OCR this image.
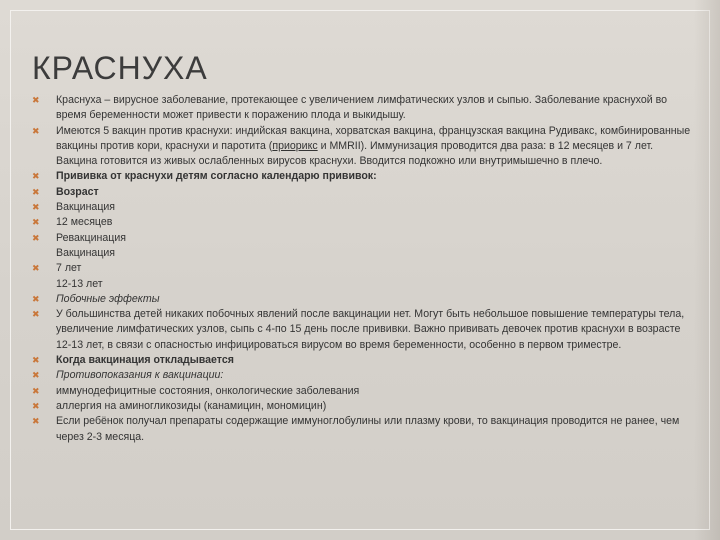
КРАСНУХА
✖	Краснуха – вирусное заболевание, протекающее с увеличением лимфатических узлов и сыпью. Заболевание краснухой во время беременности может привести к поражению плода и выкидышу.
✖	Имеются 5 вакцин против краснухи: индийская вакцина, хорватская вакцина, французская вакцина Рудивакс, комбинированные вакцины против кори, краснухи и паротита (приорикс и MMRII). Иммунизация проводится два раза: в 12 месяцев и 7 лет. Вакцина готовится из живых ослабленных вирусов краснухи. Вводится подкожно или внутримышечно в плечо.
✖	Прививка от краснухи детям согласно календарю прививок:
✖	Возраст
✖	Вакцинация
✖	12 месяцев
✖	Ревакцинация
Вакцинация
✖	7 лет
12-13 лет
✖	Побочные эффекты
✖	У большинства детей никаких побочных явлений после вакцинации нет. Могут быть небольшое повышение температуры тела, увеличение лимфатических узлов, сыпь с 4-по 15 день после прививки. Важно прививать девочек против краснухи в возрасте 12-13 лет, в связи с опасностью инфицироваться вирусом во время беременности, особенно в первом триместре.
✖	Когда вакцинация откладывается
✖	Противопоказания к вакцинации:
✖	иммунодефицитные состояния, онкологические заболевания
✖	аллергия на аминогликозиды (канамицин, мономицин)
✖	Если ребёнок получал препараты содержащие иммуноглобулины или плазму крови, то вакцинация проводится не ранее, чем через 2-3 месяца.
